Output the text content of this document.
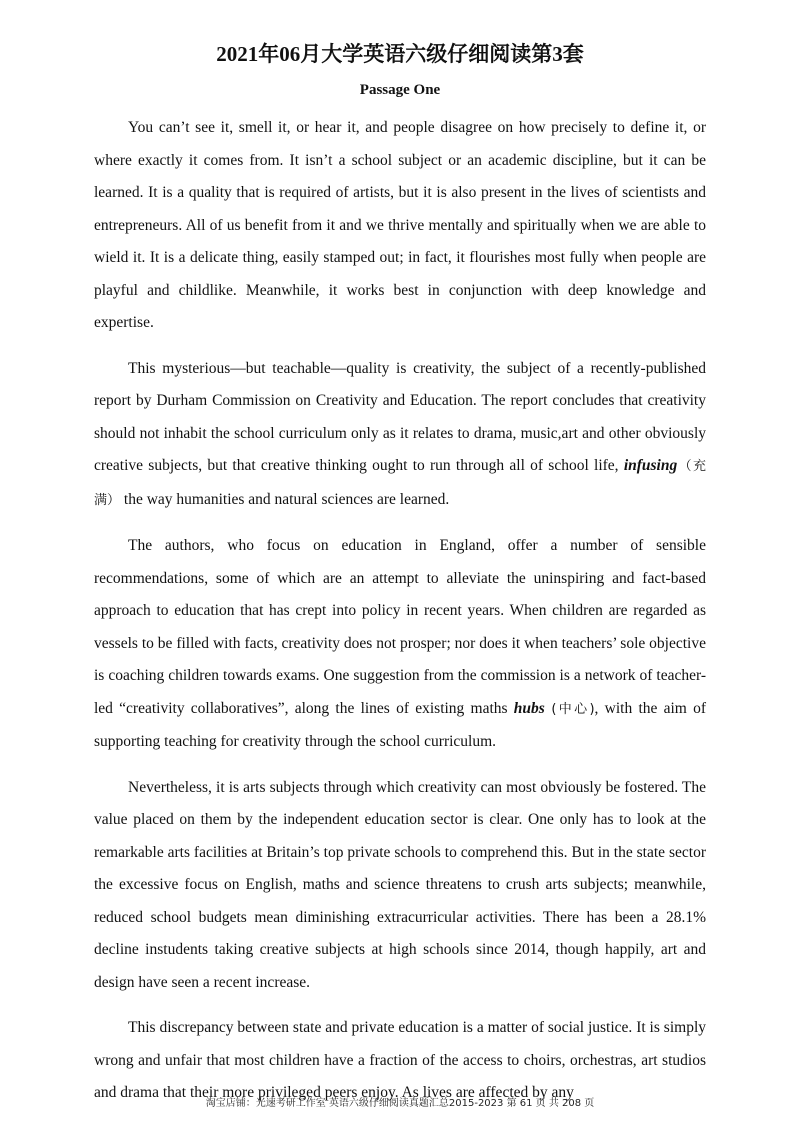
2021年06月大学英语六级仔细阅读第3套
Passage One

You can’t see it, smell it, or hear it, and people disagree on how precisely to define it, or where exactly it comes from. It isn’t a school subject or an academic discipline, but it can be learned. It is a quality that is required of artists, but it is also present in the lives of scientists and entrepreneurs. All of us benefit from it and we thrive mentally and spiritually when we are able to wield it. It is a delicate thing, easily stamped out; in fact, it flourishes most fully when people are playful and childlike. Meanwhile, it works best in conjunction with deep knowledge and expertise.

This mysterious—but teachable—quality is creativity, the subject of a recently-published report by Durham Commission on Creativity and Education. The report concludes that creativity should not inhabit the school curriculum only as it relates to drama, music,art and other obviously creative subjects, but that creative thinking ought to run through all of school life, infusing（充满） the way humanities and natural sciences are learned.

The authors, who focus on education in England, offer a number of sensible recommendations, some of which are an attempt to alleviate the uninspiring and fact-based approach to education that has crept into policy in recent years. When children are regarded as vessels to be filled with facts, creativity does not prosper; nor does it when teachers’ sole objective is coaching children towards exams. One suggestion from the commission is a network of teacher-led “creativity collaboratives”, along the lines of existing maths hubs (中心), with the aim of supporting teaching for creativity through the school curriculum.

Nevertheless, it is arts subjects through which creativity can most obviously be fostered. The value placed on them by the independent education sector is clear. One only has to look at the remarkable arts facilities at Britain’s top private schools to comprehend this. But in the state sector the excessive focus on English, maths and science threatens to crush arts subjects; meanwhile, reduced school budgets mean diminishing extracurricular activities. There has been a 28.1% decline instudents taking creative subjects at high schools since 2014, though happily, art and design have seen a recent increase.

This discrepancy between state and private education is a matter of social justice. It is simply wrong and unfair that most children have a fraction of the access to choirs, orchestras, art studios and drama that their more privileged peers enjoy. As lives are affected by any

淘宝店铺：光速考研工作室 英语六级仔细阅读真题汇总2015-2023 第 61 页 共 208 页
